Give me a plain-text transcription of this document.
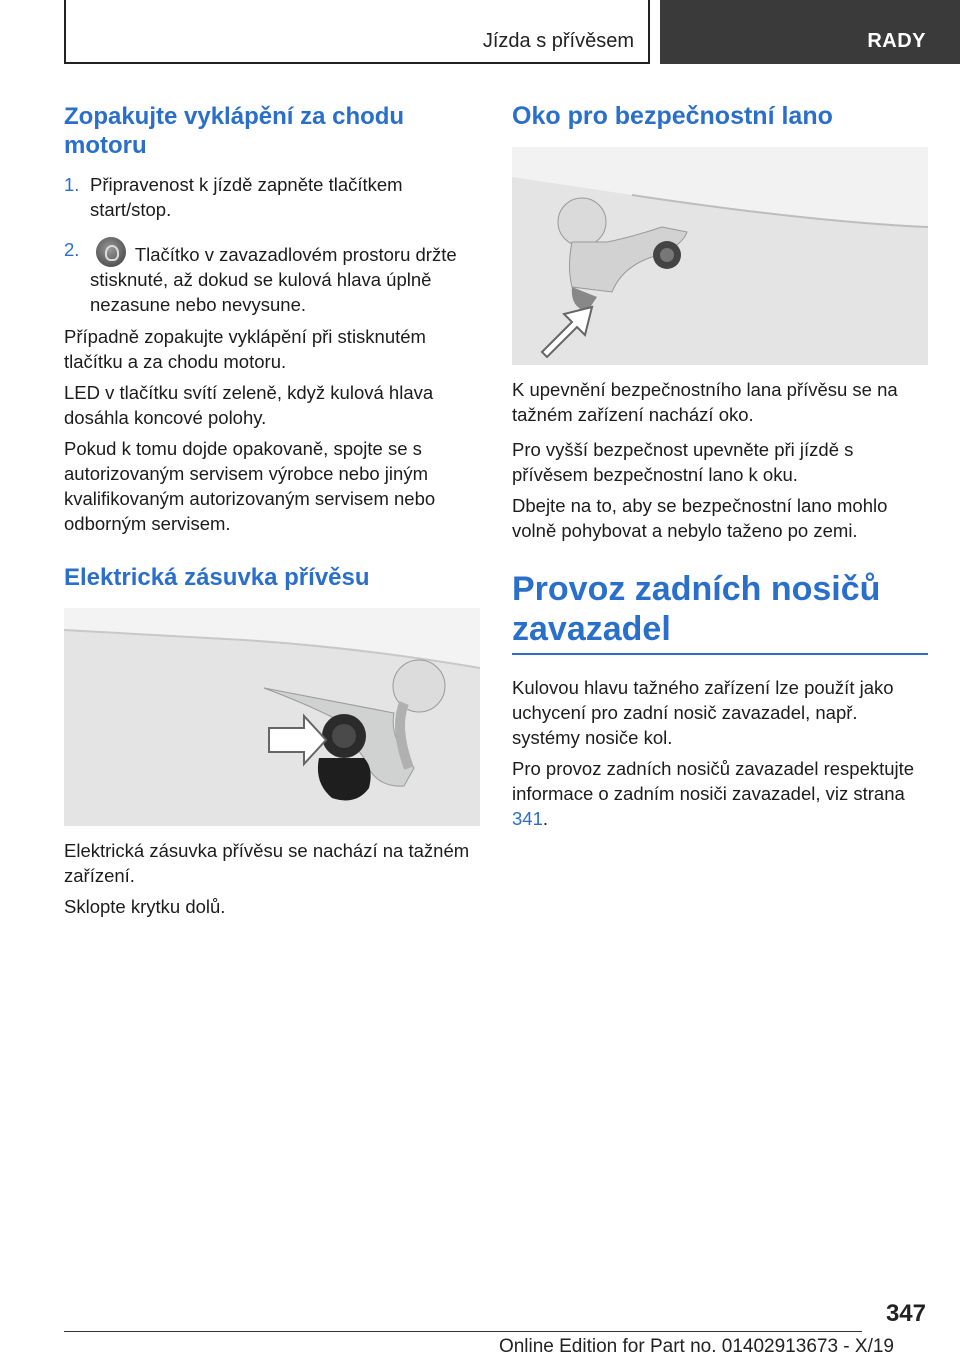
Jízda s přívěsem	RADY
Zopakujte vyklápění za chodu motoru
1. Připravenost k jízdě zapněte tlačítkem start/stop.
2.	Tlačítko v zavazadlovém prostoru držte stisknuté, až dokud se kulová hlava úplně nezasune nebo nevysune.

Případně zopakujte vyklápění při stisknutém tlačítku a za chodu motoru.

LED v tlačítku svítí zeleně, když kulová hlava dosáhla koncové polohy.

Pokud k tomu dojde opakovaně, spojte se s autorizovaným servisem výrobce nebo jiným kvalifikovaným autorizovaným servisem nebo odborným servisem.

Elektrická zásuvka přívěsu

Elektrická zásuvka přívěsu se nachází na tažném zařízení.

Sklopte krytku dolů.

Oko pro bezpečnostní lano

K upevnění bezpečnostního lana přívěsu se na tažném zařízení nachází oko.

Pro vyšší bezpečnost upevněte při jízdě s přívěsem bezpečnostní lano k oku.

Dbejte na to, aby se bezpečnostní lano mohlo volně pohybovat a nebylo taženo po zemi.

Provoz zadních nosičů zavazadel

Kulovou hlavu tažného zařízení lze použít jako uchycení pro zadní nosič zavazadel, např. systémy nosiče kol.

Pro provoz zadních nosičů zavazadel respektujte informace o zadním nosiči zavazadel, viz strana 341.

347
Online Edition for Part no. 01402913673 - X/19
